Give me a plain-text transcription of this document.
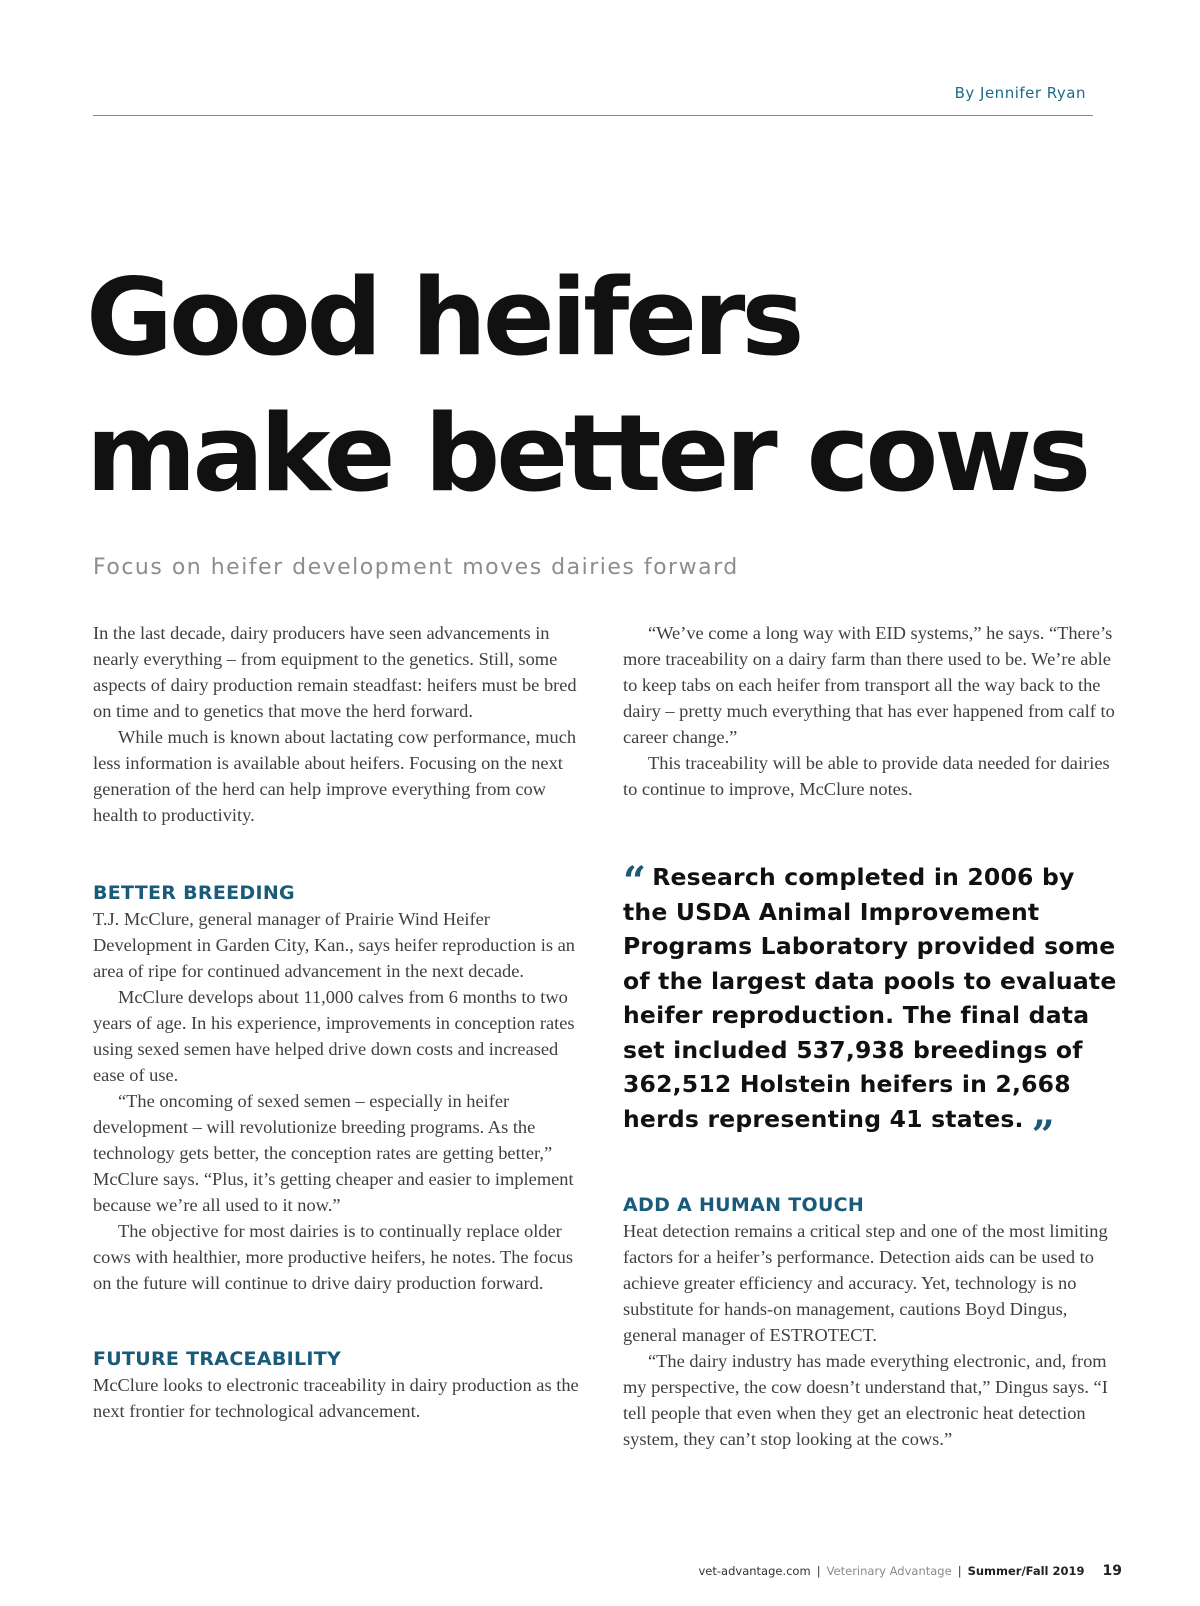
By Jennifer Ryan
Good heifers
make better cows
Focus on heifer development moves dairies forward

In the last decade, dairy producers have seen advancements in nearly everything – from equipment to the genetics. Still, some aspects of dairy production remain steadfast: heifers must be bred on time and to genetics that move the herd forward.

While much is known about lactating cow performance, much less information is available about heifers. Focusing on the next generation of the herd can help improve everything from cow health to productivity.

BETTER BREEDING

T.J. McClure, general manager of Prairie Wind Heifer Development in Garden City, Kan., says heifer reproduction is an area of ripe for continued advancement in the next decade.

McClure develops about 11,000 calves from 6 months to two years of age. In his experience, improvements in conception rates using sexed semen have helped drive down costs and increased ease of use.

“The oncoming of sexed semen – especially in heifer development – will revolutionize breeding programs. As the technology gets better, the conception rates are getting better,” McClure says. “Plus, it’s getting cheaper and easier to implement because we’re all used to it now.”

The objective for most dairies is to continually replace older cows with healthier, more productive heifers, he notes. The focus on the future will continue to drive dairy production forward.

FUTURE TRACEABILITY

McClure looks to electronic traceability in dairy production as the next frontier for technological advancement.

“We’ve come a long way with EID systems,” he says. “There’s more traceability on a dairy farm than there used to be. We’re able to keep tabs on each heifer from transport all the way back to the dairy – pretty much everything that has ever happened from calf to career change.”

This traceability will be able to provide data needed for dairies to continue to improve, McClure notes.

“ Research completed in 2006 by the USDA Animal Improvement Programs Laboratory provided some of the largest data pools to evaluate heifer reproduction. The final data set included 537,938 breedings of 362,512 Holstein heifers in 2,668 herds representing 41 states. ”
ADD A HUMAN TOUCH

Heat detection remains a critical step and one of the most limiting factors for a heifer’s performance. Detection aids can be used to achieve greater efficiency and accuracy. Yet, technology is no substitute for hands-on management, cautions Boyd Dingus, general manager of ESTROTECT.

“The dairy industry has made everything electronic, and, from my perspective, the cow doesn’t understand that,” Dingus says. “I tell people that even when they get an electronic heat detection system, they can’t stop looking at the cows.”

vet-advantage.com | Veterinary Advantage | Summer/Fall 2019 19
